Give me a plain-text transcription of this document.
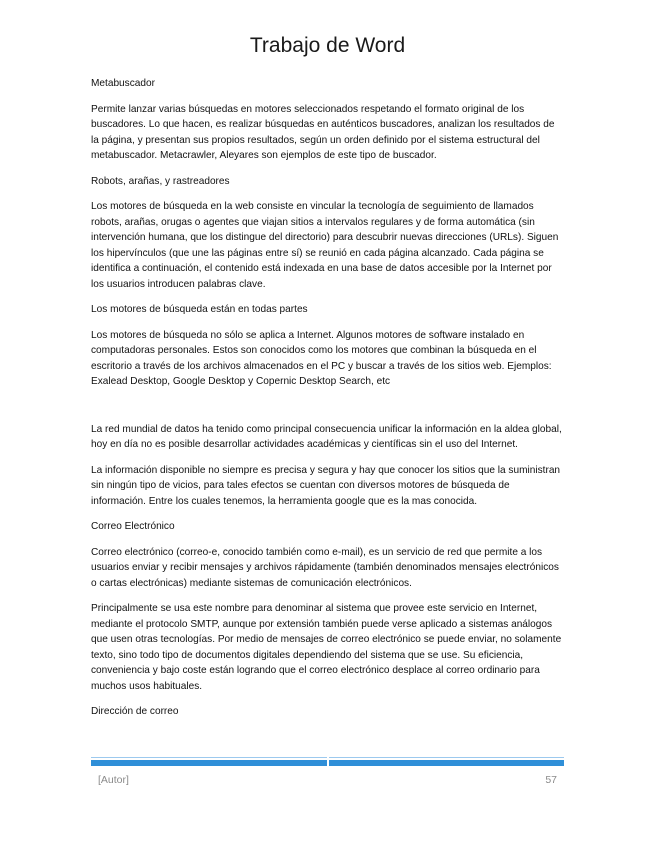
Trabajo de Word
Metabuscador
Permite lanzar varias búsquedas en motores seleccionados respetando el formato original de los buscadores. Lo que hacen, es realizar búsquedas en auténticos buscadores, analizan los resultados de la página, y presentan sus propios resultados, según un orden definido por el sistema estructural del metabuscador. Metacrawler, Aleyares son ejemplos de este tipo de buscador.
Robots, arañas, y rastreadores
Los motores de búsqueda en la web consiste en vincular la tecnología de seguimiento de llamados robots, arañas, orugas o agentes que viajan sitios a intervalos regulares y de forma automática (sin intervención humana, que los distingue del directorio) para descubrir nuevas direcciones (URLs). Siguen los hipervínculos (que une las páginas entre sí) se reunió en cada página alcanzado. Cada página se identifica a continuación, el contenido está indexada en una base de datos accesible por la Internet por los usuarios introducen palabras clave.
Los motores de búsqueda están en todas partes
Los motores de búsqueda no sólo se aplica a Internet. Algunos motores de software instalado en computadoras personales. Estos son conocidos como los motores que combinan la búsqueda en el escritorio a través de los archivos almacenados en el PC y buscar a través de los sitios web. Ejemplos: Exalead Desktop, Google Desktop y Copernic Desktop Search, etc
La red mundial de datos ha tenido como principal consecuencia unificar la información en la aldea global, hoy en día no es posible desarrollar actividades académicas y científicas sin el uso del Internet.
La información disponible no siempre es precisa y segura y hay que conocer los sitios que la suministran sin ningún tipo de vicios, para tales efectos se cuentan con diversos motores de búsqueda de información. Entre los cuales tenemos, la herramienta google que es la mas conocida.
Correo Electrónico
Correo electrónico (correo-e, conocido también como e-mail), es un servicio de red que permite a los usuarios enviar y recibir mensajes y archivos rápidamente (también denominados mensajes electrónicos o cartas electrónicas) mediante sistemas de comunicación electrónicos.
Principalmente se usa este nombre para denominar al sistema que provee este servicio en Internet, mediante el protocolo SMTP, aunque por extensión también puede verse aplicado a sistemas análogos que usen otras tecnologías. Por medio de mensajes de correo electrónico se puede enviar, no solamente texto, sino todo tipo de documentos digitales dependiendo del sistema que se use. Su eficiencia, conveniencia y bajo coste están logrando que el correo electrónico desplace al correo ordinario para muchos usos habituales.
Dirección de correo
[Autor]	57
